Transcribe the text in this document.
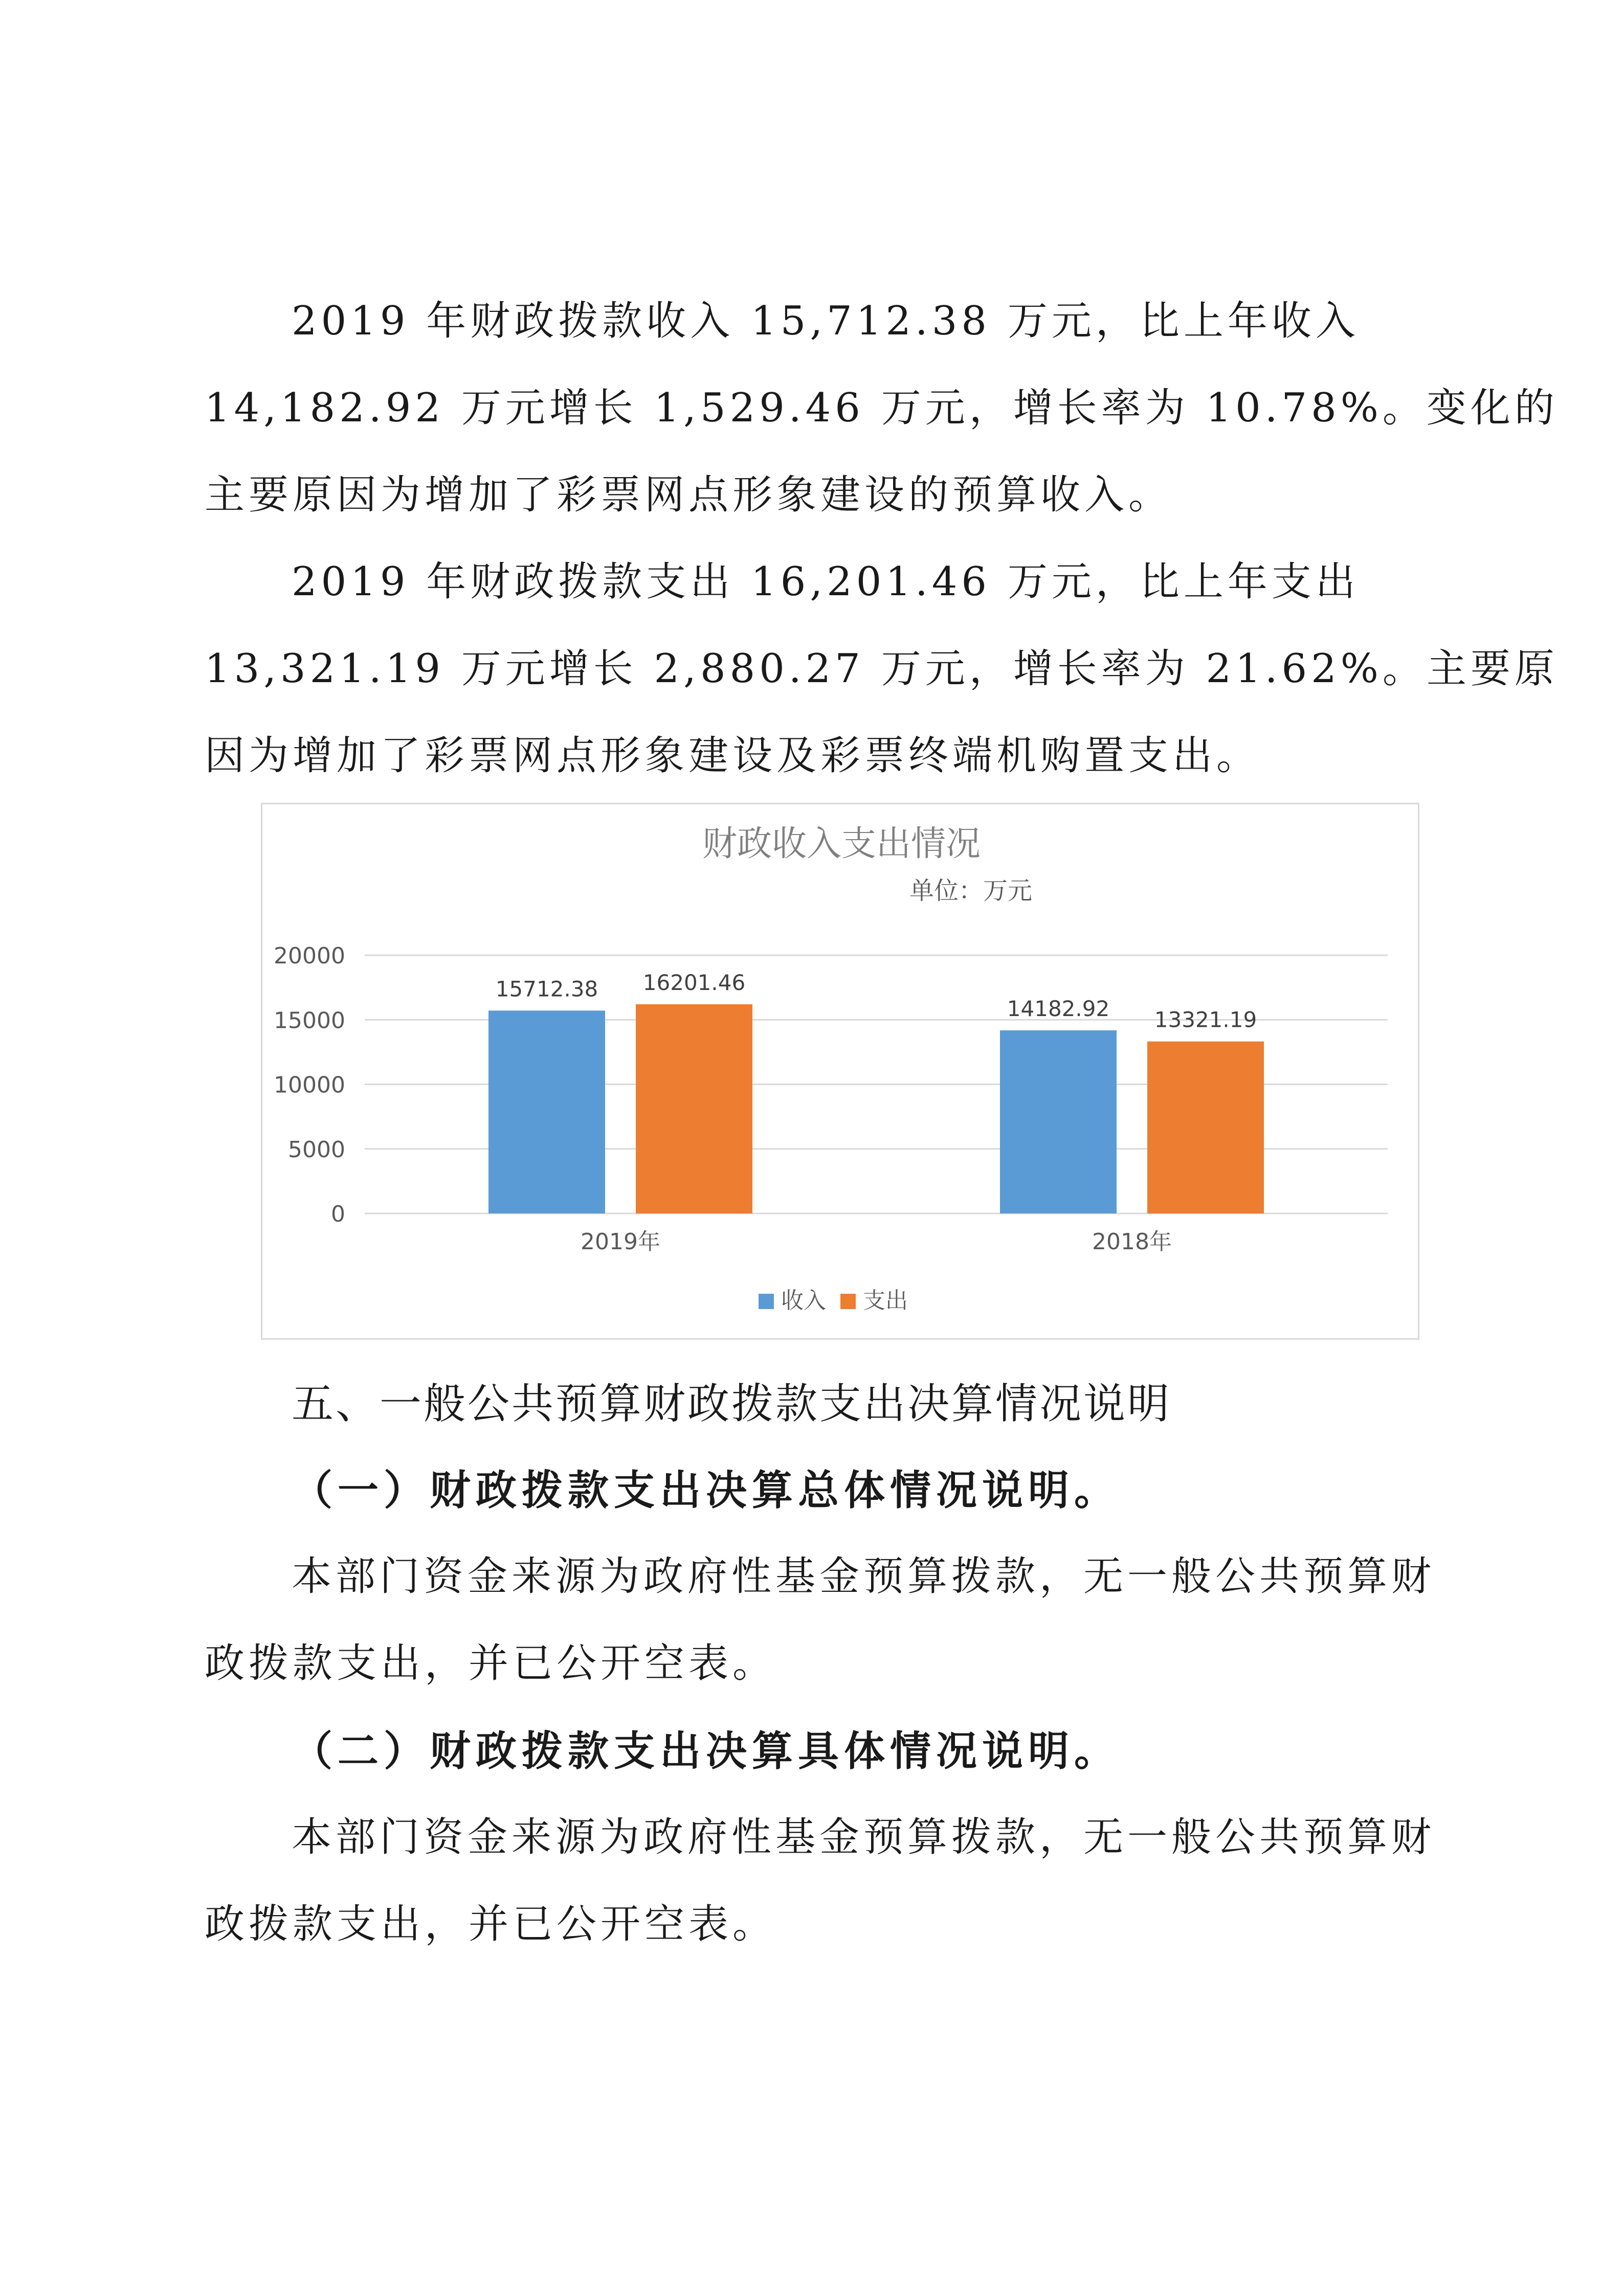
2019 年财政拨款收入 15,712.38 万元，比上年收入

14,182.92 万元增长 1,529.46 万元，增长率为 10.78%。变化的

主要原因为增加了彩票网点形象建设的预算收入。

2019 年财政拨款支出 16,201.46 万元，比上年支出

13,321.19 万元增长 2,880.27 万元，增长率为 21.62%。主要原

因为增加了彩票网点形象建设及彩票终端机购置支出。

财政收入支出情况
单位：万元
0
5000
10000
15000
20000
15712.38 16201.46
14182.92 13321.19
2019年	2018年
收入 支出

五、一般公共预算财政拨款支出决算情况说明

（一）财政拨款支出决算总体情况说明。

本部门资金来源为政府性基金预算拨款，无一般公共预算财

政拨款支出，并已公开空表。

（二）财政拨款支出决算具体情况说明。

本部门资金来源为政府性基金预算拨款，无一般公共预算财

政拨款支出，并已公开空表。
